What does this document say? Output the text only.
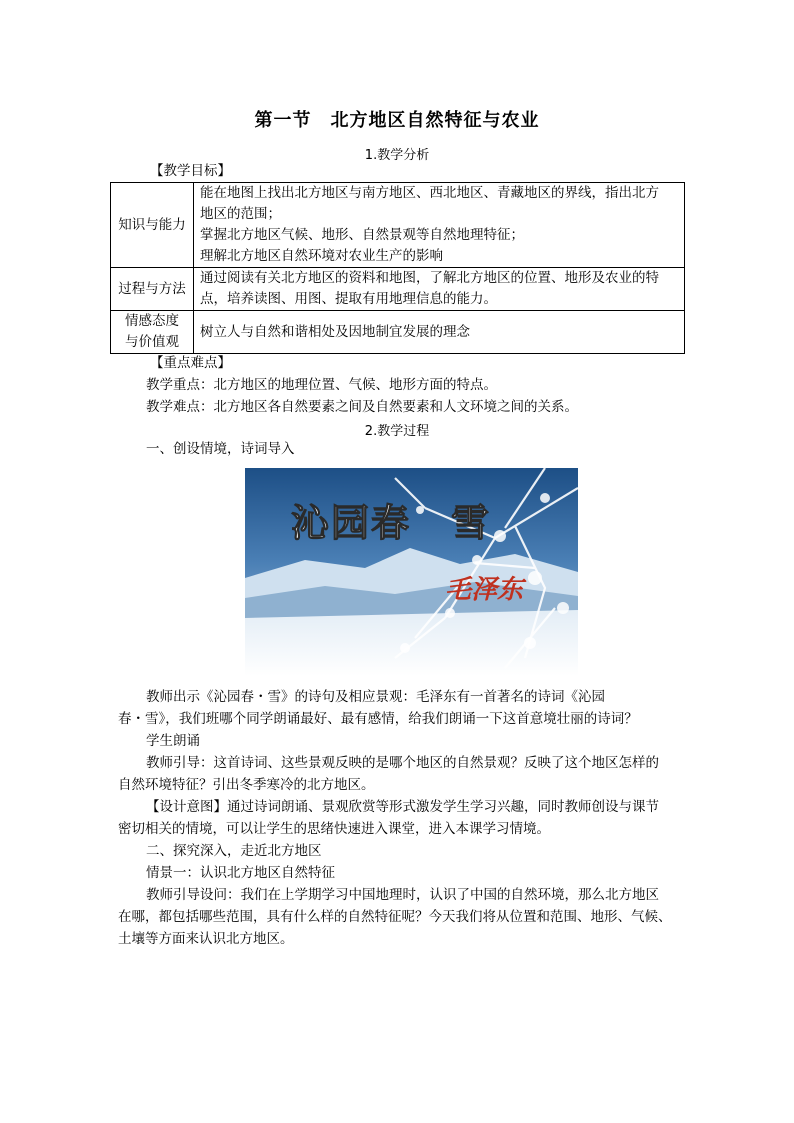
第一节　北方地区自然特征与农业
1.教学分析
【教学目标】
知识与能力	能在地图上找出北方地区与南方地区、西北地区、青藏地区的界线，指出北方
地区的范围；
掌握北方地区气候、地形、自然景观等自然地理特征；
理解北方地区自然环境对农业生产的影响

过程与方法	通过阅读有关北方地区的资料和地图，了解北方地区的位置、地形及农业的特
点，培养读图、用图、提取有用地理信息的能力。

情感态度
与价值观	树立人与自然和谐相处及因地制宜发展的理念
【重点难点】
教学重点：北方地区的地理位置、气候、地形方面的特点。
教学难点：北方地区各自然要素之间及自然要素和人文环境之间的关系。
2.教学过程
一、创设情境，诗词导入
沁园春　雪
毛泽东
教师出示《沁园春・雪》的诗句及相应景观：毛泽东有一首著名的诗词《沁园
春・雪》，我们班哪个同学朗诵最好、最有感情，给我们朗诵一下这首意境壮丽的诗词？
学生朗诵
教师引导：这首诗词、这些景观反映的是哪个地区的自然景观？反映了这个地区怎样的
自然环境特征？引出冬季寒冷的北方地区。
【设计意图】通过诗词朗诵、景观欣赏等形式激发学生学习兴趣，同时教师创设与课节
密切相关的情境，可以让学生的思绪快速进入课堂，进入本课学习情境。
二、探究深入，走近北方地区
情景一：认识北方地区自然特征
教师引导设问：我们在上学期学习中国地理时，认识了中国的自然环境，那么北方地区
在哪，都包括哪些范围，具有什么样的自然特征呢？今天我们将从位置和范围、地形、气候、
土壤等方面来认识北方地区。
